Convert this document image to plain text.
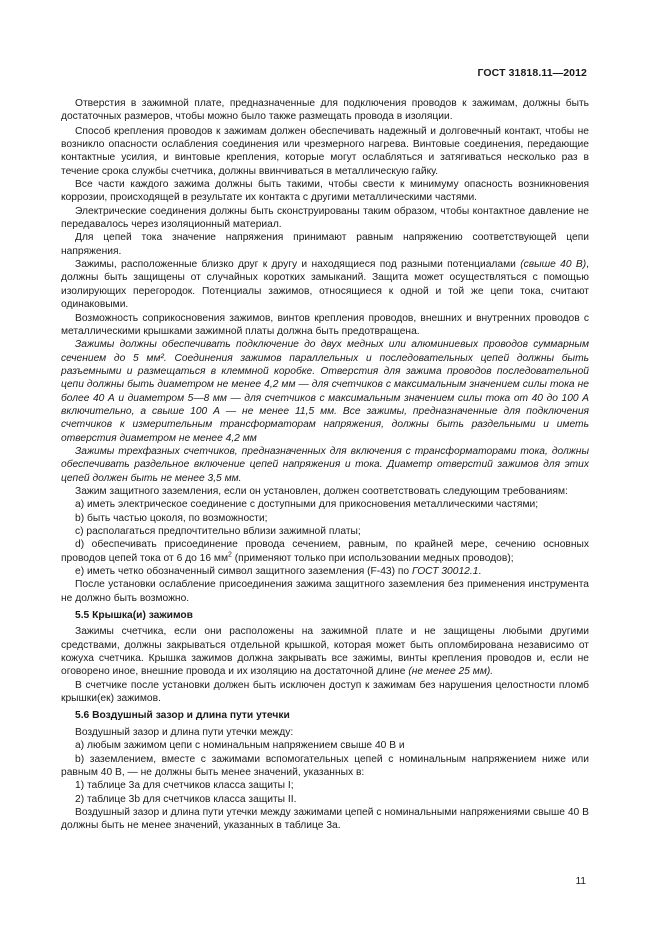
ГОСТ 31818.11—2012

Отверстия в зажимной плате, предназначенные для подключения проводов к зажимам, должны быть достаточных размеров, чтобы можно было также размещать провода в изоляции.

Способ крепления проводов к зажимам должен обеспечивать надежный и долговечный контакт, чтобы не возникло опасности ослабления соединения или чрезмерного нагрева. Винтовые соединения, передающие контактные усилия, и винтовые крепления, которые могут ослабляться и затягиваться несколько раз в течение срока службы счетчика, должны ввинчиваться в металлическую гайку.

Все части каждого зажима должны быть такими, чтобы свести к минимуму опасность возникновения коррозии, происходящей в результате их контакта с другими металлическими частями.

Электрические соединения должны быть сконструированы таким образом, чтобы контактное давление не передавалось через изоляционный материал.

Для цепей тока значение напряжения принимают равным напряжению соответствующей цепи напряжения.

Зажимы, расположенные близко друг к другу и находящиеся под разными потенциалами (свыше 40 В), должны быть защищены от случайных коротких замыканий. Защита может осуществляться с помощью изолирующих перегородок. Потенциалы зажимов, относящиеся к одной и той же цепи тока, считают одинаковыми.

Возможность соприкосновения зажимов, винтов крепления проводов, внешних и внутренних проводов с металлическими крышками зажимной платы должна быть предотвращена.

Зажимы должны обеспечивать подключение до двух медных или алюминиевых проводов суммарным сечением до 5 мм². Соединения зажимов параллельных и последовательных цепей должны быть разъемными и размещаться в клеммной коробке. Отверстия для зажима проводов последовательной цепи должны быть диаметром не менее 4,2 мм — для счетчиков с максимальным значением силы тока не более 40 А и диаметром 5—8 мм — для счетчиков с максимальным значением силы тока от 40 до 100 А включительно, а свыше 100 А — не менее 11,5 мм. Все зажимы, предназначенные для подключения счетчиков к измерительным трансформаторам напряжения, должны быть раздельными и иметь отверстия диаметром не менее 4,2 мм

Зажимы трехфазных счетчиков, предназначенных для включения с трансформаторами тока, должны обеспечивать раздельное включение цепей напряжения и тока. Диаметр отверстий зажимов для этих цепей должен быть не менее 3,5 мм.

Зажим защитного заземления, если он установлен, должен соответствовать следующим требованиям:

a) иметь электрическое соединение с доступными для прикосновения металлическими частями;

b) быть частью цоколя, по возможности;

c) располагаться предпочтительно вблизи зажимной платы;

d) обеспечивать присоединение провода сечением, равным, по крайней мере, сечению основных проводов цепей тока от 6 до 16 $мм^2$ (применяют только при использовании медных проводов);

e) иметь четко обозначенный символ защитного заземления (F-43) по ГОСТ 30012.1.

После установки ослабление присоединения зажима защитного заземления без применения инструмента не должно быть возможно.

5.5 Крышка(и) зажимов

Зажимы счетчика, если они расположены на зажимной плате и не защищены любыми другими средствами, должны закрываться отдельной крышкой, которая может быть опломбирована независимо от кожуха счетчика. Крышка зажимов должна закрывать все зажимы, винты крепления проводов и, если не оговорено иное, внешние провода и их изоляцию на достаточной длине (не менее 25 мм).

В счетчике после установки должен быть исключен доступ к зажимам без нарушения целостности пломб крышки(ек) зажимов.

5.6 Воздушный зазор и длина пути утечки

Воздушный зазор и длина пути утечки между:

а) любым зажимом цепи с номинальным напряжением свыше 40 В и

b) заземлением, вместе с зажимами вспомогательных цепей с номинальным напряжением ниже или равным 40 В, — не должны быть менее значений, указанных в:

1) таблице 3а для счетчиков класса защиты I;

2) таблице 3b для счетчиков класса защиты II.

Воздушный зазор и длина пути утечки между зажимами цепей с номинальными напряжениями свыше 40 В должны быть не менее значений, указанных в таблице 3а.

11
